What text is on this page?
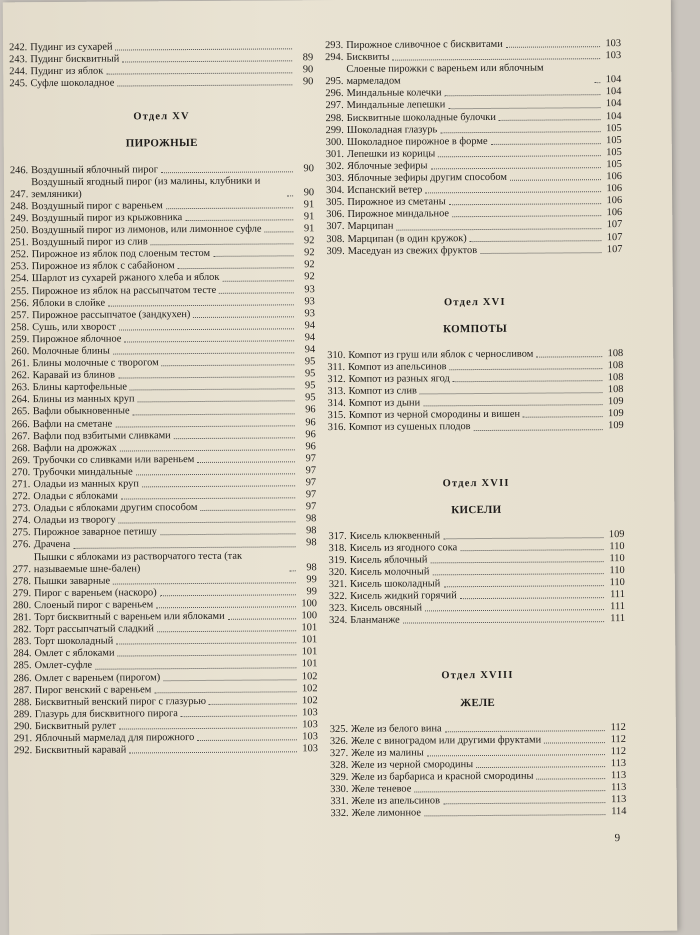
242. Пудинг из сухарей
243. Пудинг бисквитный	89
244. Пудинг из яблок	90
245. Суфле шоколадное	90
Отдел XV
ПИРОЖНЫЕ
246. Воздушный яблочный пирог	90
247.
Воздушный ягодный пирог (из малины, клубники и земляники)	90
248. Воздушный пирог с вареньем	91
249. Воздушный пирог из крыжовника	91
250. Воздушный пирог из лимонов, или лимонное суфле	91
251. Воздушный пирог из слив	92
252. Пирожное из яблок под слоеным тестом	92
253. Пирожное из яблок с сабайоном	92
254. Шарлот из сухарей ржаного хлеба и яблок	92
255. Пирожное из яблок на рассыпчатом тесте	93
256. Яблоки в слойке	93
257. Пирожное рассыпчатое (зандкухен)	93
258. Сушь, или хворост	94
259. Пирожное яблочное	94
260. Молочные блины	94
261. Блины молочные с творогом	95
262. Каравай из блинов	95
263. Блины картофельные	95
264. Блины из манных круп	95
265. Вафли обыкновенные	96
266. Вафли на сметане	96
267. Вафли под взбитыми сливками	96
268. Вафли на дрожжах	96
269. Трубочки со сливками или вареньем	97
270. Трубочки миндальные	97
271. Оладьи из манных круп	97
272. Оладьи с яблоками	97
273. Оладьи с яблоками другим способом	97
274. Оладьи из творогу	98
275. Пирожное заварное петишу	98
276. Драчена	98
277.
Пышки с яблоками из растворчатого теста (так называемые шне-бален)	98
278. Пышки заварные	99
279. Пирог с вареньем (наскоро)	99
280. Слоеный пирог с вареньем	100
281. Торт бисквитный с вареньем или яблоками	100
282. Торт рассыпчатый сладкий	101
283. Торт шоколадный	101
284. Омлет с яблоками	101
285. Омлет-суфле	101
286. Омлет с вареньем (пирогом)	102
287. Пирог венский с вареньем	102
288. Бисквитный венский пирог с глазурью	102
289. Глазурь для бисквитного пирога	103
290. Бисквитный рулет	103
291. Яблочный мармелад для пирожного	103
292. Бисквитный каравай	103
293. Пирожное сливочное с бисквитами	103
294. Бисквиты	103
295.
Слоеные пирожки с вареньем или яблочным мармеладом	104
296. Миндальные колечки	104
297. Миндальные лепешки	104
298. Бисквитные шоколадные булочки	104
299. Шоколадная глазурь	105
300. Шоколадное пирожное в форме	105
301. Лепешки из корицы	105
302. Яблочные зефиры	105
303. Яблочные зефиры другим способом	106
304. Испанский ветер	106
305. Пирожное из сметаны	106
306. Пирожное миндальное	106
307. Марципан	107
308. Марципан (в один кружок)	107
309. Маседуан из свежих фруктов	107
Отдел XVI
КОМПОТЫ
310. Компот из груш или яблок с черносливом	108
311. Компот из апельсинов	108
312. Компот из разных ягод	108
313. Компот из слив	108
314. Компот из дыни	109
315. Компот из черной смородины и вишен	109
316. Компот из сушеных плодов	109
Отдел XVII
КИСЕЛИ
317. Кисель клюквенный	109
318. Кисель из ягодного сока	110
319. Кисель яблочный	110
320. Кисель молочный	110
321. Кисель шоколадный	110
322. Кисель жидкий горячий	111
323. Кисель овсяный	111
324. Бланманже	111
Отдел XVIII
ЖЕЛЕ
325. Желе из белого вина	112
326. Желе с виноградом или другими фруктами	112
327. Желе из малины	112
328. Желе из черной смородины	113
329. Желе из барбариса и красной смородины	113
330. Желе теневое	113
331. Желе из апельсинов	113
332. Желе лимонное	114
9
